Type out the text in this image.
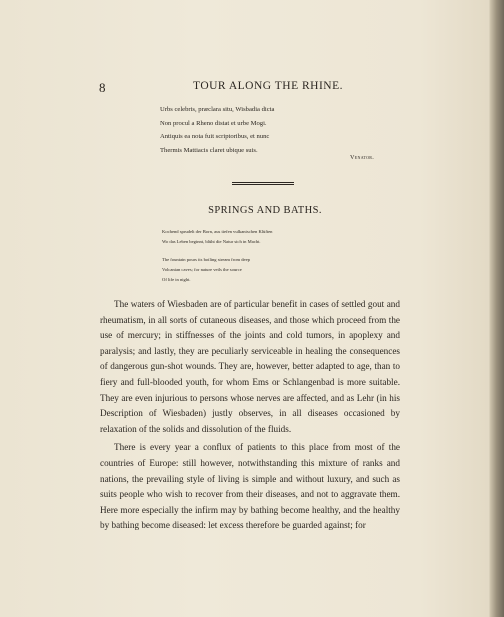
8	TOUR ALONG THE RHINE.
Urbs celebris, præclara situ, Wisbadia dicta
Non procul a Rheno distat et urbe Mogi.
Antiquis ea nota fuit scriptoribus, et nunc
Thermis Mattiacis claret ubique suis.
Venator.
SPRINGS AND BATHS.
Kochend sprudelt der Born, aus tiefen vulkanischen Klüften
Wo das Leben beginnt, blüht die Natur sich in Macht.
The fountain pours its boiling stream from deep
Volcanian caves; for nature veils the source
Of life in night.

The waters of Wiesbaden are of particular benefit in cases of settled gout and rheumatism, in all sorts of cutaneous diseases, and those which proceed from the use of mercury; in stiffnesses of the joints and cold tumors, in apoplexy and paralysis; and lastly, they are peculiarly serviceable in healing the consequences of dangerous gun-shot wounds. They are, however, better adapted to age, than to fiery and full-blooded youth, for whom Ems or Schlangenbad is more suitable. They are even injurious to persons whose nerves are affected, and as Lehr (in his Description of Wiesbaden) justly observes, in all diseases occasioned by relaxation of the solids and dissolution of the fluids.

There is every year a conflux of patients to this place from most of the countries of Europe: still however, notwithstanding this mixture of ranks and nations, the prevailing style of living is simple and without luxury, and such as suits people who wish to recover from their diseases, and not to aggravate them. Here more especially the infirm may by bathing become healthy, and the healthy by bathing become diseased: let excess therefore be guarded against; for
